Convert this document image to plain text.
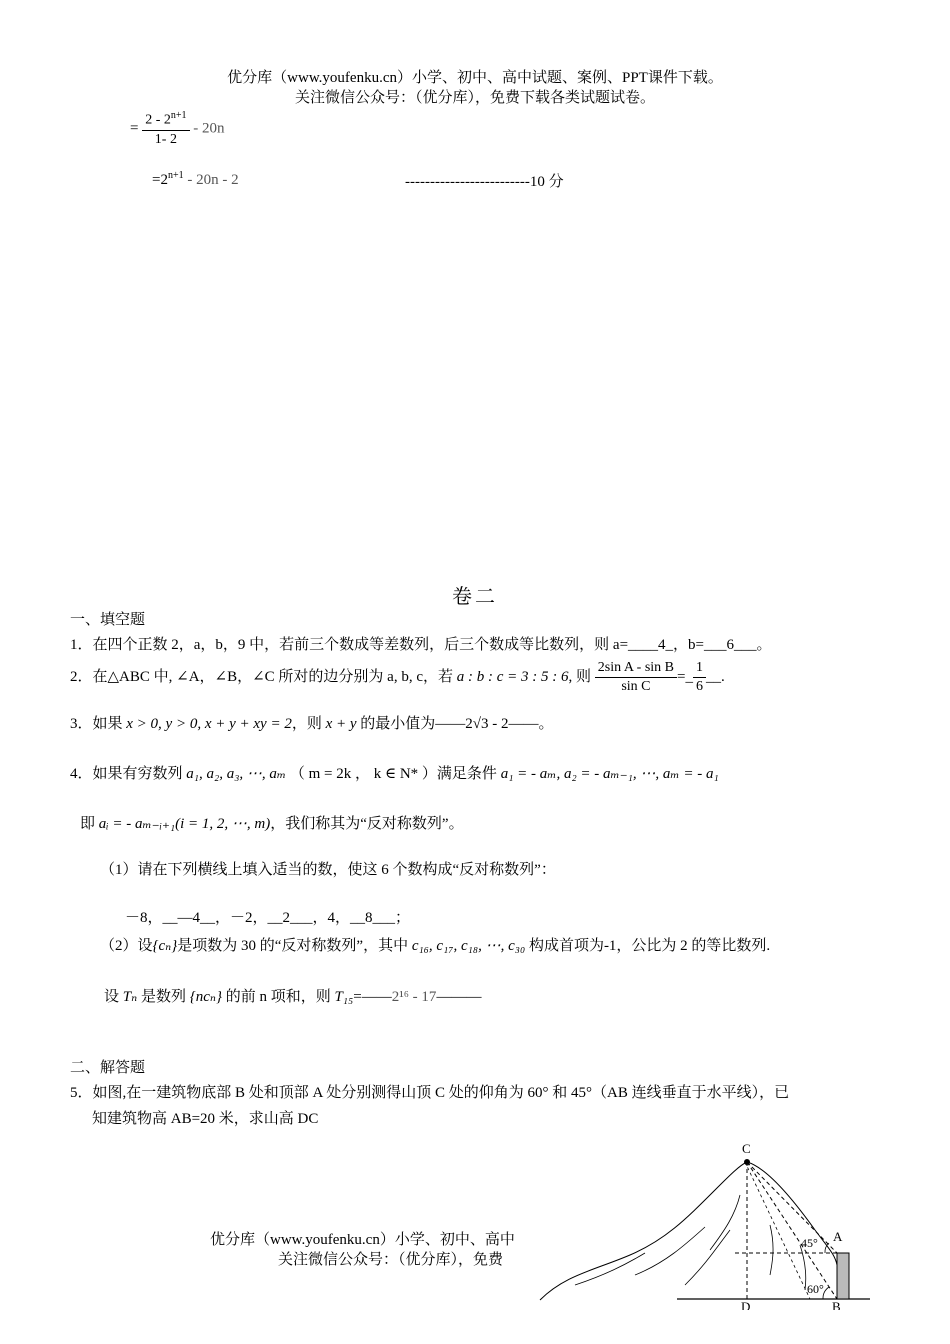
优分库（www.youfenku.cn）小学、初中、高中试题、案例、PPT课件下载。
关注微信公众号：（优分库），免费下载各类试题试卷。
= $\frac{2 - 2^{n+1}}{1- 2} - 20n$
$=2^{n+1} - 20n - 2$	-------------------------10 分
卷二
一、填空题
1．在四个正数 2，a，b，9 中，若前三个数成等差数列，后三个数成等比数列，则 a=____4_，b=___6___。
2．在△ABC 中, ∠A，∠B，∠C 所对的边分别为 a, b, c，若 a : b : c = 3 : 5 : 6, 则 $\frac{\text{2sin A - sin B}}{\text{sin C}}$ =_ $\frac{1}{6}$ __.
3．如果 x > 0, y > 0, x + y + xy = 2，则 x + y 的最小值为——2√3 - 2——。
4．如果有穷数列 a₁, a₂, a₃, ⋯, aₘ （ m = 2k ， k ∈ N* ）满足条件 a₁ = - aₘ, a₂ = - aₘ₋₁, ⋯, aₘ = - a₁
即 aᵢ = - aₘ₋ᵢ₊₁(i = 1, 2, ⋯, m)，我们称其为“反对称数列”。
（1）请在下列横线上填入适当的数，使这 6 个数构成“反对称数列”：
－8，__—4__，－2，__2___，4，__8___；
（2）设{cₙ}是项数为 30 的“反对称数列”，其中 c₁₆, c₁₇, c₁₈, ⋯, c₃₀ 构成首项为-1，公比为 2 的等比数列.
设 Tₙ 是数列 {ncₙ} 的前 n 项和，则 T₁₅=——2¹⁶ - 17———
二、解答题
5．如图,在一建筑物底部 B 处和顶部 A 处分别测得山顶 C 处的仰角为 60° 和 45°（AB 连线垂直于水平线），已
知建筑物高 AB=20 米，求山高 DC
优分库（www.youfenku.cn）小学、初中、高中
关注微信公众号：（优分库），免费
C
A
B
D
45°
60°
